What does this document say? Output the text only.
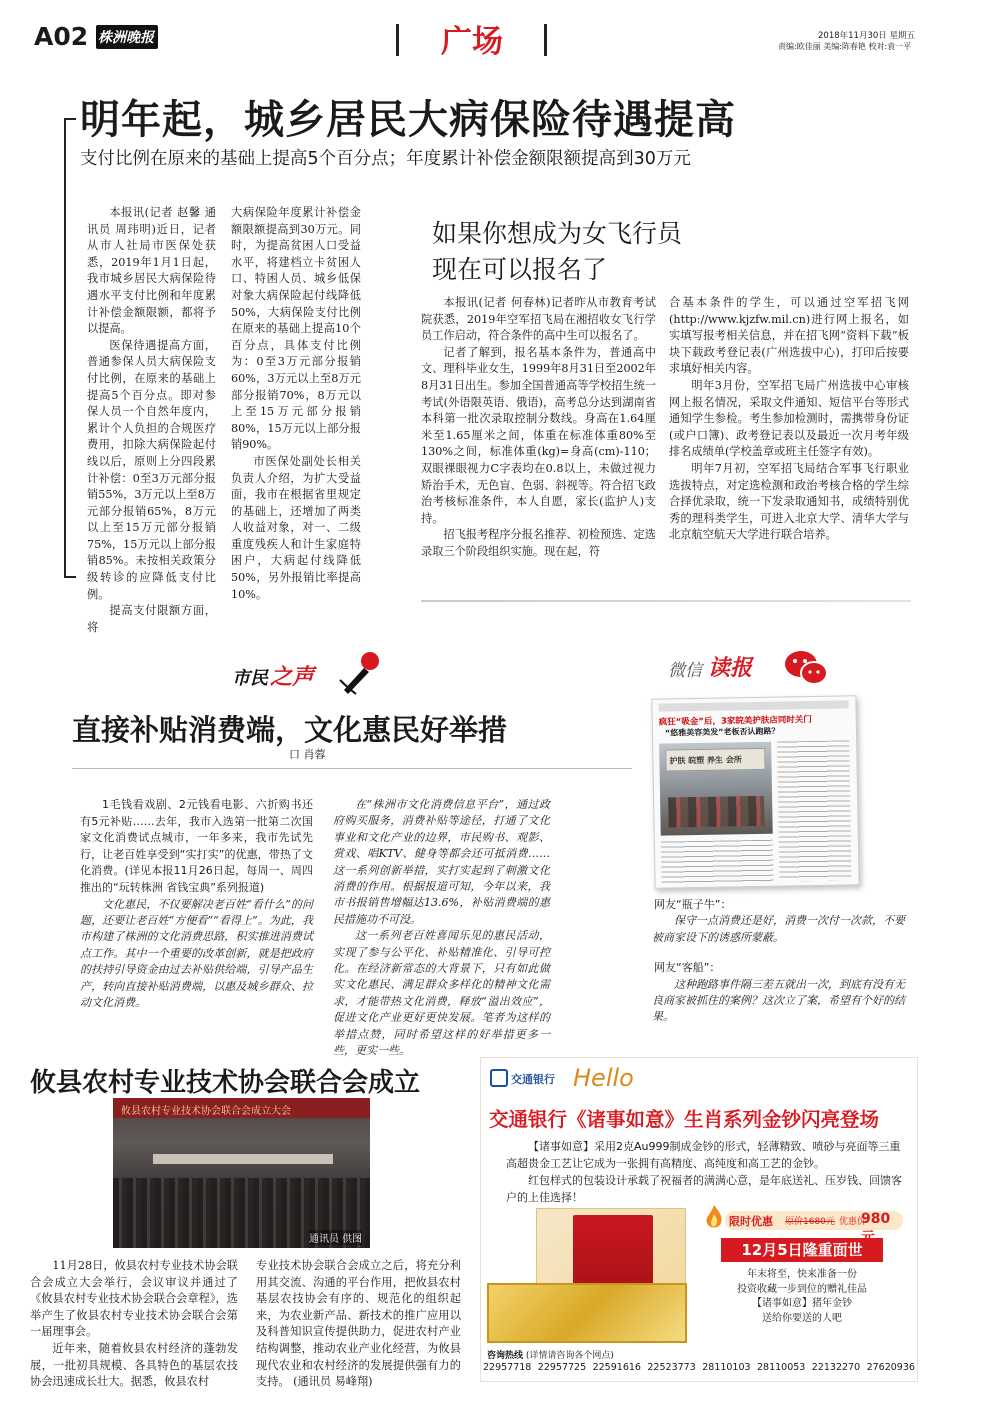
A02 株洲晚报	广场	2018年11月30日 星期五
责编:欧佳丽 美编:陈春艳 校对:袁一平
明年起，城乡居民大病保险待遇提高
支付比例在原来的基础上提高5个百分点；年度累计补偿金额限额提高到30万元

本报讯(记者 赵馨 通讯员 周玮明)近日，记者从市人社局市医保处获悉，2019年1月1日起，我市城乡居民大病保险待遇水平支付比例和年度累计补偿金额限额，都将予以提高。

医保待遇提高方面，普通参保人员大病保险支付比例，在原来的基础上提高5个百分点。即对参保人员一个自然年度内，累计个人负担的合规医疗费用，扣除大病保险起付线以后，原则上分四段累计补偿：0至3万元部分报销55%，3万元以上至8万元部分报销65%，8万元以上至15万元部分报销75%，15万元以上部分报销85%。未按相关政策分级转诊的应降低支付比例。

提高支付限额方面，将

大病保险年度累计补偿金额限额提高到30万元。同时，为提高贫困人口受益水平，将建档立卡贫困人口、特困人员、城乡低保对象大病保险起付线降低50%，大病保险支付比例在原来的基础上提高10个百分点，具体支付比例为：0至3万元部分报销60%，3万元以上至8万元部分报销70%，8万元以上至15万元部分报销80%，15万元以上部分报销90%。

市医保处副处长相关负责人介绍，为扩大受益面，我市在根据省里规定的基础上，还增加了两类人收益对象，对一、二级重度残疾人和计生家庭特困户，大病起付线降低50%，另外报销比率提高10%。

如果你想成为女飞行员
现在可以报名了

本报讯(记者 何春林)记者昨从市教育考试院获悉，2019年空军招飞局在湘招收女飞行学员工作启动，符合条件的高中生可以报名了。

记者了解到，报名基本条件为，普通高中文、理科毕业女生，1999年8月31日至2002年8月31日出生。参加全国普通高等学校招生统一考试(外语限英语、俄语)，高考总分达到湖南省本科第一批次录取控制分数线。身高在1.64厘米至1.65厘米之间，体重在标准体重80%至130%之间，标准体重(kg)=身高(cm)-110；双眼裸眼视力C字表均在0.8以上，未做过视力矫治手术，无色盲、色弱、斜视等。符合招飞政治考核标准条件，本人自愿，家长(监护人)支持。

招飞报考程序分报名推荐、初检预选、定选录取三个阶段组织实施。现在起，符

合基本条件的学生，可以通过空军招飞网(http://www.kjzfw.mil.cn)进行网上报名，如实填写报考相关信息，并在招飞网“资料下载”板块下载政考登记表(广州选拔中心)，打印后按要求填好相关内容。

明年3月份，空军招飞局广州选拔中心审核网上报名情况，采取文件通知、短信平台等形式通知学生参检。考生参加检测时，需携带身份证(或户口簿)、政考登记表以及最近一次月考年级排名成绩单(学校盖章或班主任签字有效)。

明年7月初，空军招飞局结合军事飞行职业选拔特点，对定选检测和政治考核合格的学生综合择优录取，统一下发录取通知书，成绩特别优秀的理科类学生，可进入北京大学、清华大学与北京航空航天大学进行联合培养。

市民 之声
直接补贴消费端，文化惠民好举措
口 肖蓉

1毛钱看戏剧、2元钱看电影、六折购书还有5元补贴……去年，我市入选第一批第二次国家文化消费试点城市，一年多来，我市先试先行，让老百姓享受到“实打实”的优惠，带热了文化消费。(详见本报11月26日起，每周一、周四推出的“玩转株洲 省钱宝典”系列报道)

文化惠民，不仅要解决老百姓“看什么”的问题，还要让老百姓“方便看”“看得上”。为此，我市构建了株洲的文化消费思路，积实推进消费试点工作。其中一个重要的改革创新，就是把政府的扶持引导资金由过去补贴供给端，引导产品生产，转向直接补贴消费端，以惠及城乡群众、拉动文化消费。

在“株洲市文化消费信息平台”，通过政府购买服务，消费补贴等途径，打通了文化事业和文化产业的边界，市民购书、观影、赏戏、唱KTV、健身等都会还可抵消费……这一系列创新举措，实打实起到了刺激文化消费的作用。根据报道可知，今年以来，我市书报销售增幅达13.6%，补贴消费端的惠民措施功不可没。

这一系列老百姓喜闻乐见的惠民活动，实现了参与公平化、补贴精准化、引导可控化。在经济新常态的大背景下，只有如此做实文化惠民、满足群众多样化的精神文化需求，才能带热文化消费，释放“溢出效应”，促进文化产业更好更快发展。笔者为这样的举措点赞，同时希望这样的好举措更多一些，更实一些。

微信 读报
疯狂“吸金”后，3家皖美护肤店同时关门
“悠雅美容美发”老板否认跑路？
护肤 皖塑 养生 会所
网友“瓶子牛”：
保守一点消费还是好，消费一次付一次款，不要被商家设下的诱惑所蒙蔽。
网友“客船”：
这种跑路事件隔三差五就出一次，到底有没有无良商家被抓住的案例？这次立了案，希望有个好的结果。
攸县农村专业技术协会联合会成立
攸县农村专业技术协会联合会成立大会
通讯员 供图

11月28日，攸县农村专业技术协会联合会成立大会举行，会议审议并通过了《攸县农村专业技术协会联合会章程》，选举产生了攸县农村专业技术协会联合会第一届理事会。

近年来，随着攸县农村经济的蓬勃发展，一批初具规模、各具特色的基层农技协会迅速成长壮大。据悉，攸县农村

专业技术协会联合会成立之后，将充分利用其交流、沟通的平台作用，把攸县农村基层农技协会有序的、规范化的组织起来，为农业新产品、新技术的推广应用以及科普知识宣传提供助力，促进农村产业结构调整，推动农业产业化经营，为攸县现代农业和农村经济的发展提供强有力的支持。 (通讯员 易峰翔)

交通银行 Hello
交通银行《诸事如意》生肖系列金钞闪亮登场
【诸事如意】采用2克Au999制成金钞的形式，轻薄精致、喷砂与亮面等三重高超贵金工艺让它成为一张拥有高精度、高纯度和高工艺的金钞。
红包样式的包装设计承载了祝福者的满满心意，是年底送礼、压岁钱、回馈客户的上佳选择！
限时优惠 原价1680元 优惠价
980
12月5日隆重面世
年末将至，快来准备一份
投资收藏一步到位的赠礼佳品
【诸事如意】猪年金钞
送给你要送的人吧
咨询热线 (详情请咨询各个网点)
22957718 22957725 22591616 22523773 28110103 28110053 22132270 27620936
